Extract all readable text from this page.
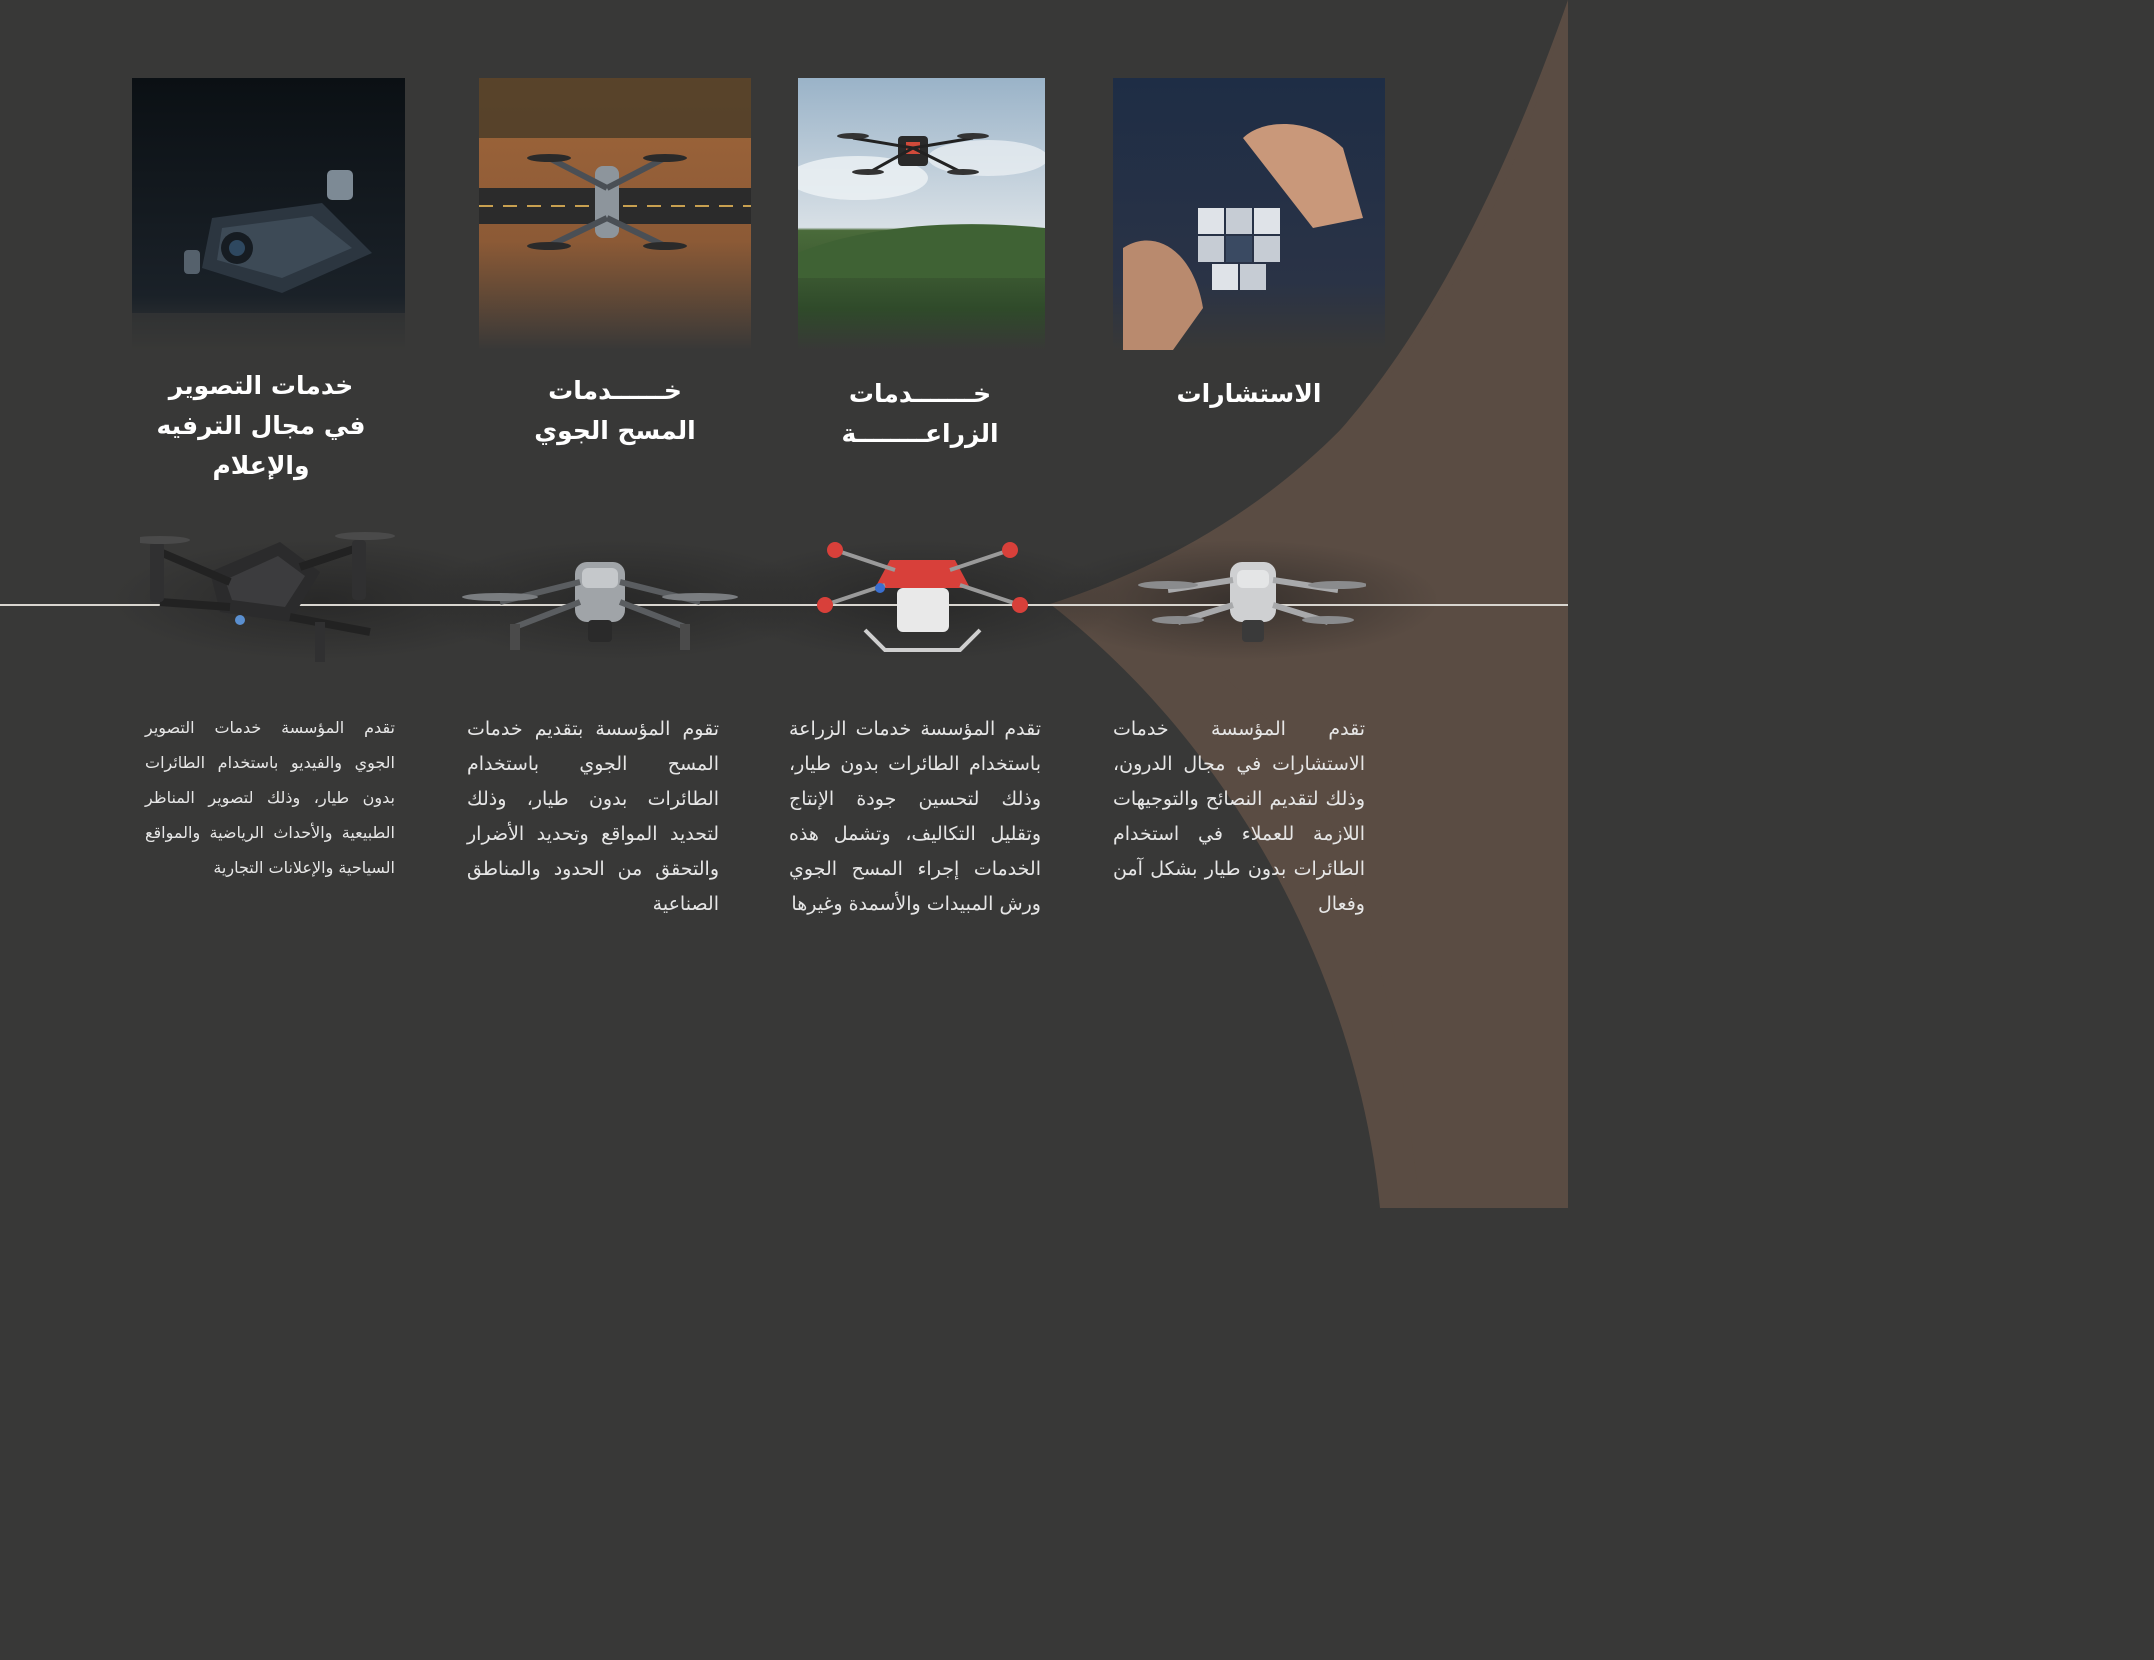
خدمات التصوير
في مجال الترفيه
والإعلام
خــــــدمات
المسح الجوي
خـــــــدمات
الزراعــــــــة
الاستشارات
تقدم المؤسسة خدمات التصوير الجوي والفيديو باستخدام الطائرات بدون طيار، وذلك لتصوير المناظر الطبيعية والأحداث الرياضية والمواقع السياحية والإعلانات التجارية
تقوم المؤسسة بتقديم خدمات المسح الجوي باستخدام الطائرات بدون طيار، وذلك لتحديد المواقع وتحديد الأضرار والتحقق من الحدود والمناطق الصناعية
تقدم المؤسسة خدمات الزراعة باستخدام الطائرات بدون طيار، وذلك لتحسين جودة الإنتاج وتقليل التكاليف، وتشمل هذه الخدمات إجراء المسح الجوي ورش المبيدات والأسمدة وغيرها
تقدم المؤسسة خدمات الاستشارات في مجال الدرون، وذلك لتقديم النصائح والتوجيهات اللازمة للعملاء في استخدام الطائرات بدون طيار بشكل آمن وفعال
